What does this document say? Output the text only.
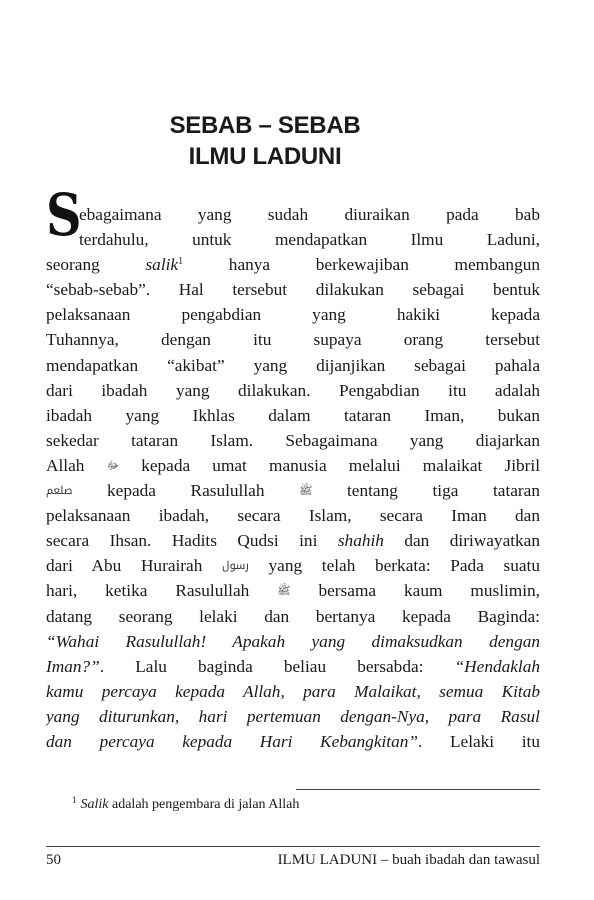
SEBAB – SEBAB
ILMU LADUNI
S
ebagaimana yang sudah diuraikan pada bab
terdahulu, untuk mendapatkan Ilmu Laduni,
seorang salik$^1$ hanya berkewajiban membangun
“sebab-sebab”. Hal tersebut dilakukan sebagai bentuk
pelaksanaan pengabdian yang hakiki kepada
Tuhannya, dengan itu supaya orang tersebut
mendapatkan “akibat” yang dijanjikan sebagai pahala
dari ibadah yang dilakukan. Pengabdian itu adalah
ibadah yang Ikhlas dalam tataran Iman, bukan
sekedar tataran Islam. Sebagaimana yang diajarkan
Allah ﷻ kepada umat manusia melalui malaikat Jibril
ﷵ kepada Rasulullah ﷺ tentang tiga tataran
pelaksanaan ibadah, secara Islam, secara Iman dan
secara Ihsan. Hadits Qudsi ini shahih dan diriwayatkan
dari Abu Hurairah ﷶ yang telah berkata: Pada suatu
hari, ketika Rasulullah ﷺ bersama kaum muslimin,
datang seorang lelaki dan bertanya kepada Baginda:
“Wahai Rasulullah! Apakah yang dimaksudkan dengan
Iman?”. Lalu baginda beliau bersabda: “Hendaklah
kamu percaya kepada Allah, para Malaikat, semua Kitab
yang diturunkan, hari pertemuan dengan-Nya, para Rasul
dan percaya kepada Hari Kebangkitan”. Lelaki itu
$^1$ Salik adalah pengembara di jalan Allah
50	ILMU LADUNI – buah ibadah dan tawasul
